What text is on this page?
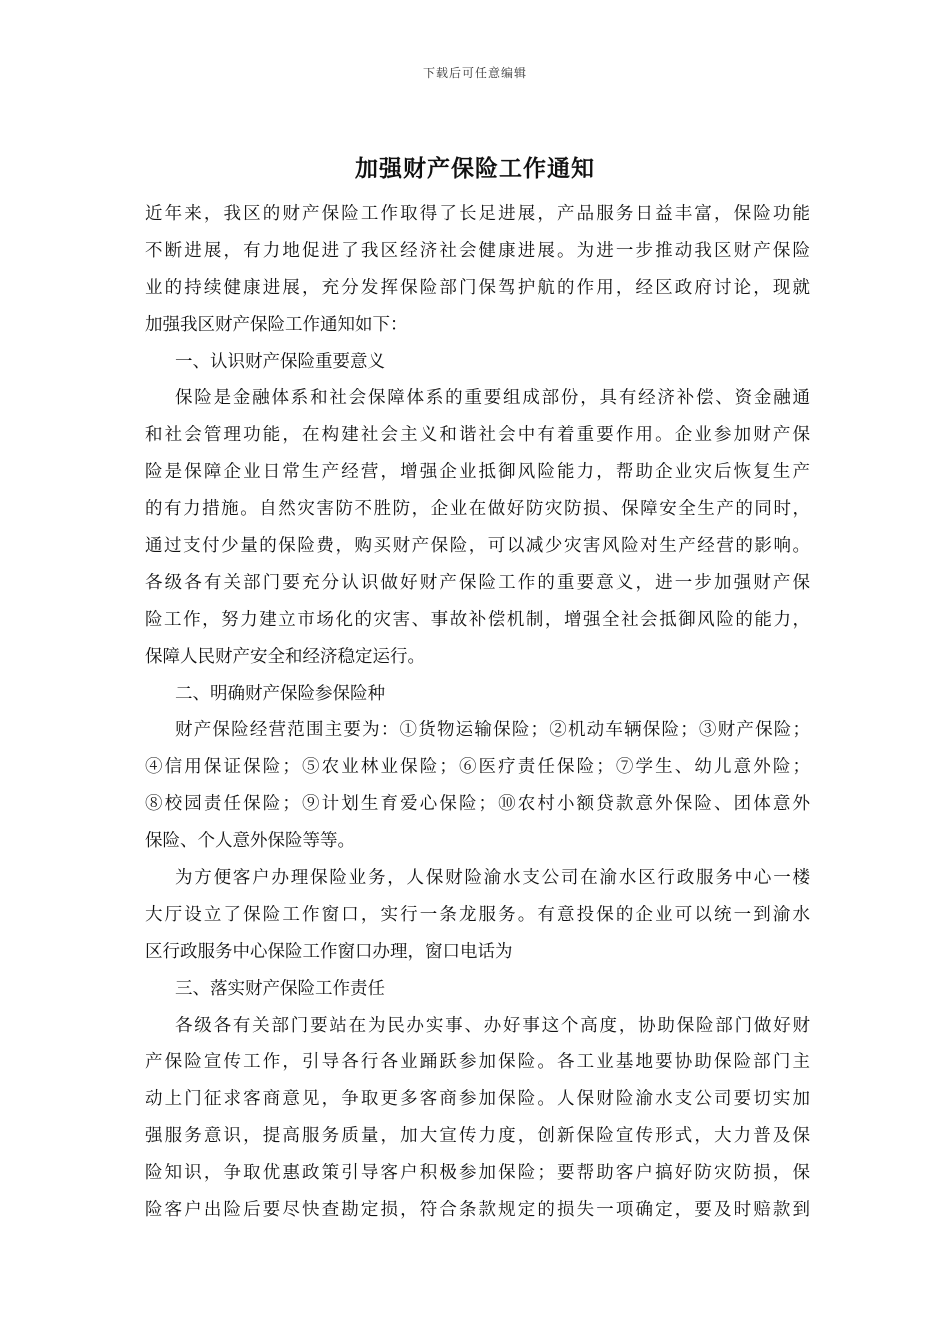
下载后可任意编辑
加强财产保险工作通知
近年来，我区的财产保险工作取得了长足进展，产品服务日益丰富，保险功能
不断进展，有力地促进了我区经济社会健康进展。为进一步推动我区财产保险
业的持续健康进展，充分发挥保险部门保驾护航的作用，经区政府讨论，现就
加强我区财产保险工作通知如下：
一、认识财产保险重要意义
保险是金融体系和社会保障体系的重要组成部份，具有经济补偿、资金融通
和社会管理功能，在构建社会主义和谐社会中有着重要作用。企业参加财产保
险是保障企业日常生产经营，增强企业抵御风险能力，帮助企业灾后恢复生产
的有力措施。自然灾害防不胜防，企业在做好防灾防损、保障安全生产的同时，
通过支付少量的保险费，购买财产保险，可以减少灾害风险对生产经营的影响。
各级各有关部门要充分认识做好财产保险工作的重要意义，进一步加强财产保
险工作，努力建立市场化的灾害、事故补偿机制，增强全社会抵御风险的能力，
保障人民财产安全和经济稳定运行。
二、明确财产保险参保险种
财产保险经营范围主要为：①货物运输保险；②机动车辆保险；③财产保险；
④信用保证保险；⑤农业林业保险；⑥医疗责任保险；⑦学生、幼儿意外险；
⑧校园责任保险；⑨计划生育爱心保险；⑩农村小额贷款意外保险、团体意外
保险、个人意外保险等等。
为方便客户办理保险业务，人保财险渝水支公司在渝水区行政服务中心一楼
大厅设立了保险工作窗口，实行一条龙服务。有意投保的企业可以统一到渝水
区行政服务中心保险工作窗口办理，窗口电话为
三、落实财产保险工作责任
各级各有关部门要站在为民办实事、办好事这个高度，协助保险部门做好财
产保险宣传工作，引导各行各业踊跃参加保险。各工业基地要协助保险部门主
动上门征求客商意见，争取更多客商参加保险。人保财险渝水支公司要切实加
强服务意识，提高服务质量，加大宣传力度，创新保险宣传形式，大力普及保
险知识，争取优惠政策引导客户积极参加保险；要帮助客户搞好防灾防损，保
险客户出险后要尽快查勘定损，符合条款规定的损失一项确定，要及时赔款到
